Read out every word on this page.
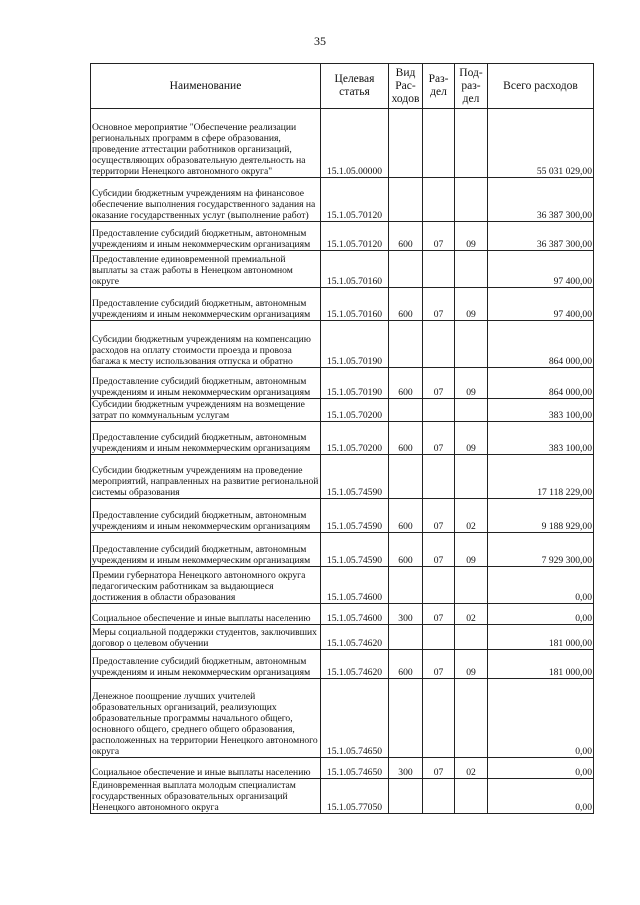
35
Наименование	Целевая статья	Вид Рас-ходов	Раз-дел	Под-раз-дел	Всего расходов
Основное мероприятие "Обеспечение реализации региональных программ в сфере образования, проведение аттестации работников организаций, осуществляющих образовательную деятельность на территории Ненецкого автономного округа"	15.1.05.00000				55 031 029,00
Субсидии бюджетным учреждениям на финансовое обеспечение выполнения государственного задания на оказание государственных услуг (выполнение работ)	15.1.05.70120				36 387 300,00
Предоставление субсидий бюджетным, автономным учреждениям и иным некоммерческим организациям	15.1.05.70120	600	07	09	36 387 300,00
Предоставление единовременной премиальной выплаты за стаж работы в Ненецком автономном округе	15.1.05.70160				97 400,00
Предоставление субсидий бюджетным, автономным учреждениям и иным некоммерческим организациям	15.1.05.70160	600	07	09	97 400,00
Субсидии бюджетным учреждениям на компенсацию расходов на оплату стоимости проезда и провоза багажа к месту использования отпуска и обратно	15.1.05.70190				864 000,00
Предоставление субсидий бюджетным, автономным учреждениям и иным некоммерческим организациям	15.1.05.70190	600	07	09	864 000,00
Субсидии бюджетным учреждениям на возмещение затрат по коммунальным услугам	15.1.05.70200				383 100,00
Предоставление субсидий бюджетным, автономным учреждениям и иным некоммерческим организациям	15.1.05.70200	600	07	09	383 100,00
Субсидии бюджетным учреждениям на проведение мероприятий, направленных на развитие региональной системы образования	15.1.05.74590				17 118 229,00
Предоставление субсидий бюджетным, автономным учреждениям и иным некоммерческим организациям	15.1.05.74590	600	07	02	9 188 929,00
Предоставление субсидий бюджетным, автономным учреждениям и иным некоммерческим организациям	15.1.05.74590	600	07	09	7 929 300,00
Премии губернатора Ненецкого автономного округа педагогическим работникам за выдающиеся достижения в области образования	15.1.05.74600				0,00
Социальное обеспечение и иные выплаты населению	15.1.05.74600	300	07	02	0,00
Меры социальной поддержки студентов, заключивших договор о целевом обучении	15.1.05.74620				181 000,00
Предоставление субсидий бюджетным, автономным учреждениям и иным некоммерческим организациям	15.1.05.74620	600	07	09	181 000,00
Денежное поощрение лучших учителей образовательных организаций, реализующих образовательные программы начального общего, основного общего, среднего общего образования, расположенных на территории Ненецкого автономного округа	15.1.05.74650				0,00
Социальное обеспечение и иные выплаты населению	15.1.05.74650	300	07	02	0,00
Единовременная выплата молодым специалистам государственных образовательных организаций Ненецкого автономного округа	15.1.05.77050				0,00
